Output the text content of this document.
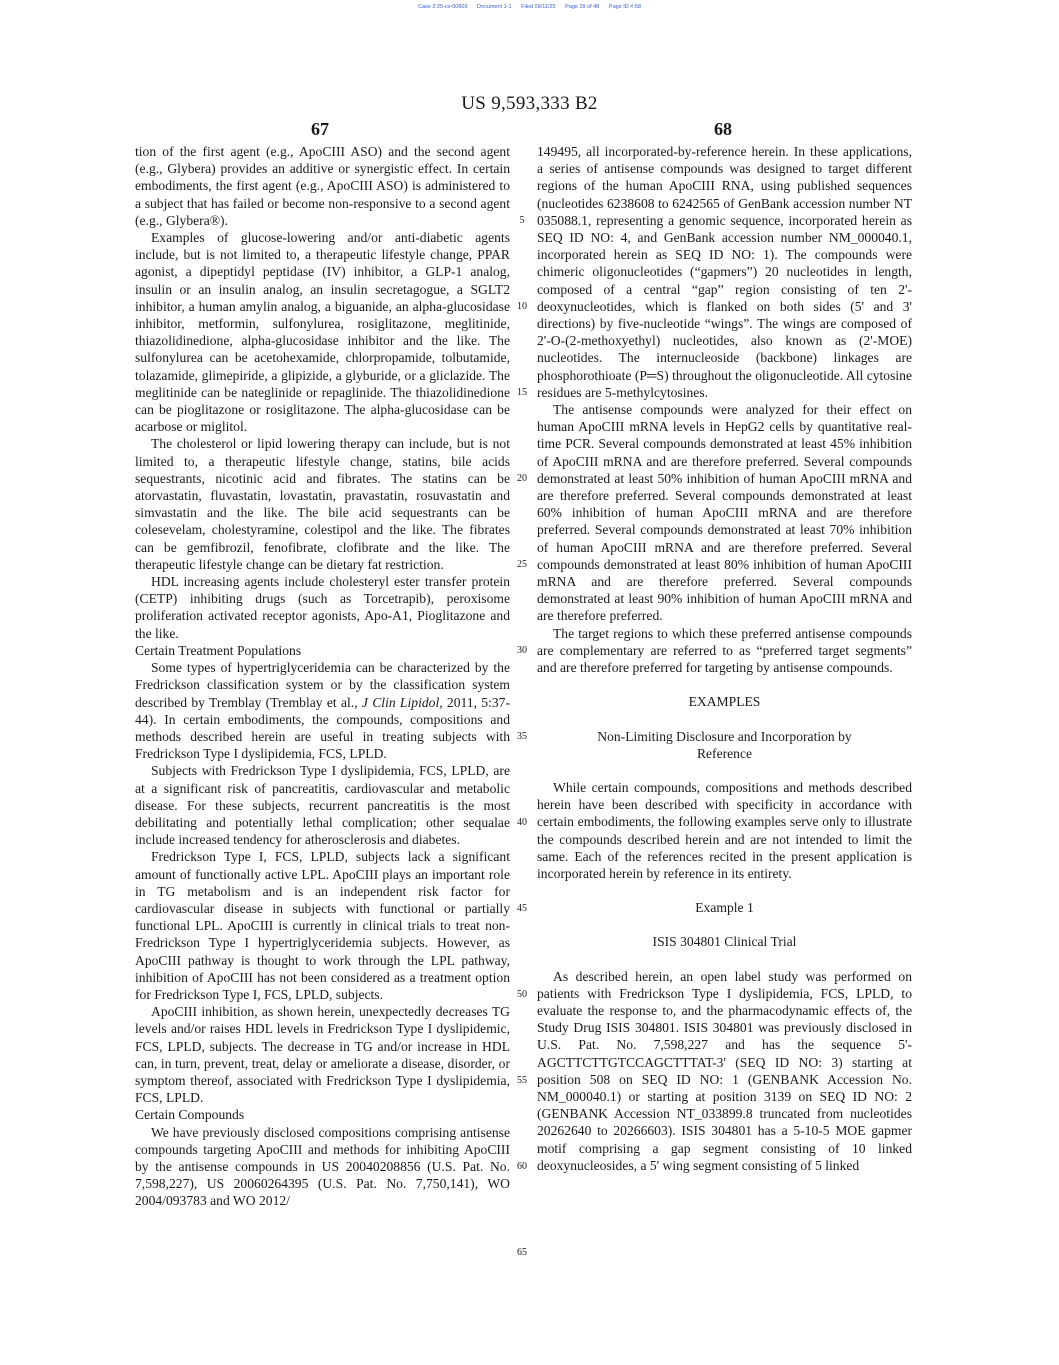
Case 2:25-cv-00609 Document 1-1 Filed 09/11/25 Page 39 of 48 Page ID #:58
US 9,593,333 B2
67	68

tion of the first agent (e.g., ApoCIII ASO) and the second agent (e.g., Glybera) provides an additive or synergistic effect. In certain embodiments, the first agent (e.g., ApoCIII ASO) is administered to a subject that has failed or become non-responsive to a second agent (e.g., Glybera®).

Examples of glucose-lowering and/or anti-diabetic agents include, but is not limited to, a therapeutic lifestyle change, PPAR agonist, a dipeptidyl peptidase (IV) inhibitor, a GLP-1 analog, insulin or an insulin analog, an insulin secretagogue, a SGLT2 inhibitor, a human amylin analog, a biguanide, an alpha-glucosidase inhibitor, metformin, sulfonylurea, rosiglitazone, meglitinide, thiazolidinedione, alpha-glucosidase inhibitor and the like. The sulfonylurea can be acetohexamide, chlorpropamide, tolbutamide, tolazamide, glimepiride, a glipizide, a glyburide, or a gliclazide. The meglitinide can be nateglinide or repaglinide. The thiazolidinedione can be pioglitazone or rosiglitazone. The alpha-glucosidase can be acarbose or miglitol.

The cholesterol or lipid lowering therapy can include, but is not limited to, a therapeutic lifestyle change, statins, bile acids sequestrants, nicotinic acid and fibrates. The statins can be atorvastatin, fluvastatin, lovastatin, pravastatin, rosuvastatin and simvastatin and the like. The bile acid sequestrants can be colesevelam, cholestyramine, colestipol and the like. The fibrates can be gemfibrozil, fenofibrate, clofibrate and the like. The therapeutic lifestyle change can be dietary fat restriction.

HDL increasing agents include cholesteryl ester transfer protein (CETP) inhibiting drugs (such as Torcetrapib), peroxisome proliferation activated receptor agonists, Apo-A1, Pioglitazone and the like.

Certain Treatment Populations

Some types of hypertriglyceridemia can be characterized by the Fredrickson classification system or by the classification system described by Tremblay (Tremblay et al., J Clin Lipidol, 2011, 5:37-44). In certain embodiments, the compounds, compositions and methods described herein are useful in treating subjects with Fredrickson Type I dyslipidemia, FCS, LPLD.

Subjects with Fredrickson Type I dyslipidemia, FCS, LPLD, are at a significant risk of pancreatitis, cardiovascular and metabolic disease. For these subjects, recurrent pancreatitis is the most debilitating and potentially lethal complication; other sequalae include increased tendency for atherosclerosis and diabetes.

Fredrickson Type I, FCS, LPLD, subjects lack a significant amount of functionally active LPL. ApoCIII plays an important role in TG metabolism and is an independent risk factor for cardiovascular disease in subjects with functional or partially functional LPL. ApoCIII is currently in clinical trials to treat non-Fredrickson Type I hypertriglyceridemia subjects. However, as ApoCIII pathway is thought to work through the LPL pathway, inhibition of ApoCIII has not been considered as a treatment option for Fredrickson Type I, FCS, LPLD, subjects.

ApoCIII inhibition, as shown herein, unexpectedly decreases TG levels and/or raises HDL levels in Fredrickson Type I dyslipidemic, FCS, LPLD, subjects. The decrease in TG and/or increase in HDL can, in turn, prevent, treat, delay or ameliorate a disease, disorder, or symptom thereof, associated with Fredrickson Type I dyslipidemia, FCS, LPLD.

Certain Compounds

We have previously disclosed compositions comprising antisense compounds targeting ApoCIII and methods for inhibiting ApoCIII by the antisense compounds in US 20040208856 (U.S. Pat. No. 7,598,227), US 20060264395 (U.S. Pat. No. 7,750,141), WO 2004/093783 and WO 2012/

5
10
15
20
25
30
35
40
45
50
55
60
65

149495, all incorporated-by-reference herein. In these applications, a series of antisense compounds was designed to target different regions of the human ApoCIII RNA, using published sequences (nucleotides 6238608 to 6242565 of GenBank accession number NT 035088.1, representing a genomic sequence, incorporated herein as SEQ ID NO: 4, and GenBank accession number NM_000040.1, incorporated herein as SEQ ID NO: 1). The compounds were chimeric oligonucleotides (“gapmers”) 20 nucleotides in length, composed of a central “gap” region consisting of ten 2'-deoxynucleotides, which is flanked on both sides (5' and 3' directions) by five-nucleotide “wings”. The wings are composed of 2'-O-(2-methoxyethyl) nucleotides, also known as (2'-MOE) nucleotides. The internucleoside (backbone) linkages are phosphorothioate (P═S) throughout the oligonucleotide. All cytosine residues are 5-methylcytosines.

The antisense compounds were analyzed for their effect on human ApoCIII mRNA levels in HepG2 cells by quantitative real-time PCR. Several compounds demonstrated at least 45% inhibition of ApoCIII mRNA and are therefore preferred. Several compounds demonstrated at least 50% inhibition of human ApoCIII mRNA and are therefore preferred. Several compounds demonstrated at least 60% inhibition of human ApoCIII mRNA and are therefore preferred. Several compounds demonstrated at least 70% inhibition of human ApoCIII mRNA and are therefore preferred. Several compounds demonstrated at least 80% inhibition of human ApoCIII mRNA and are therefore preferred. Several compounds demonstrated at least 90% inhibition of human ApoCIII mRNA and are therefore preferred.

The target regions to which these preferred antisense compounds are complementary are referred to as “preferred target segments” and are therefore preferred for targeting by antisense compounds.

EXAMPLES

Non-Limiting Disclosure and Incorporation by

Reference

While certain compounds, compositions and methods described herein have been described with specificity in accordance with certain embodiments, the following examples serve only to illustrate the compounds described herein and are not intended to limit the same. Each of the references recited in the present application is incorporated herein by reference in its entirety.

Example 1

ISIS 304801 Clinical Trial

As described herein, an open label study was performed on patients with Fredrickson Type I dyslipidemia, FCS, LPLD, to evaluate the response to, and the pharmacodynamic effects of, the Study Drug ISIS 304801. ISIS 304801 was previously disclosed in U.S. Pat. No. 7,598,227 and has the sequence 5'-AGCTTCTTGTCCAGCTTTAT-3' (SEQ ID NO: 3) starting at position 508 on SEQ ID NO: 1 (GENBANK Accession No. NM_000040.1) or starting at position 3139 on SEQ ID NO: 2 (GENBANK Accession NT_033899.8 truncated from nucleotides 20262640 to 20266603). ISIS 304801 has a 5-10-5 MOE gapmer motif comprising a gap segment consisting of 10 linked deoxynucleosides, a 5' wing segment consisting of 5 linked
